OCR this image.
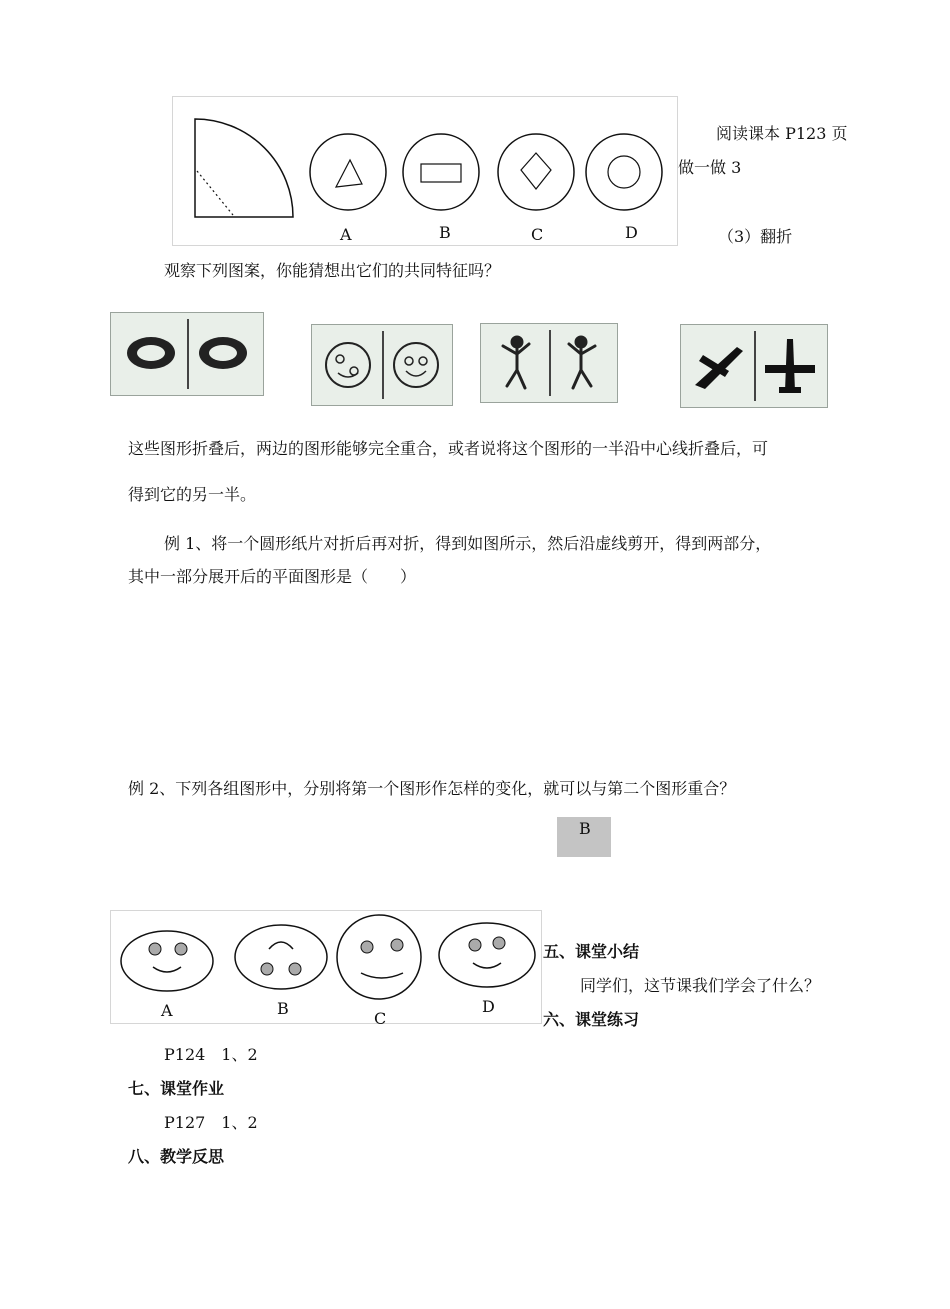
A	B	C	D
阅读课本 P123 页
做一做 3
（3）翻折
观察下列图案，你能猜想出它们的共同特征吗？
这些图形折叠后，两边的图形能够完全重合，或者说将这个图形的一半沿中心线折叠后，可
得到它的另一半。
例 1、将一个圆形纸片对折后再对折，得到如图所示，然后沿虚线剪开，得到两部分，
其中一部分展开后的平面图形是（　　）
例 2、下列各组图形中，分别将第一个图形作怎样的变化，就可以与第二个图形重合？
B
A	B
C
D
五、课堂小结
同学们，这节课我们学会了什么？
六、课堂练习
P124　1、2
七、课堂作业
P127　1、2
八、教学反思
